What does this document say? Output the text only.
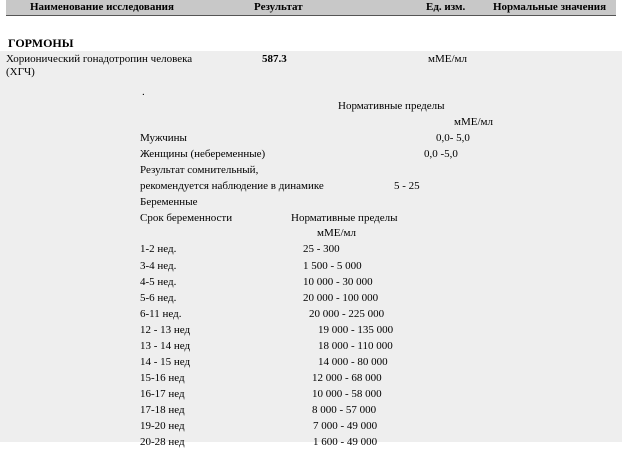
Наименование исследования	Результат	Ед. изм.	Нормальные значения
ГОРМОНЫ
Хорионический гонадотропин человека
(ХГЧ)
587.3	мМЕ/мл
.
Нормативные пределы
мМЕ/мл
Мужчины	0,0- 5,0
Женщины (небеременные)	0,0 -5,0
Результат сомнительный,
рекомендуется наблюдение в динамике	5 - 25
Беременные
Срок беременности	Нормативные пределы
мМЕ/мл
1-2 нед.	25 - 300
3-4 нед.	1 500 - 5 000
4-5 нед.	10 000 - 30 000
5-6 нед.	20 000 - 100 000
6-11 нед.	20 000 - 225 000
12 - 13 нед	19 000 - 135 000
13 - 14 нед	18 000 - 110 000
14 - 15 нед	14 000 - 80 000
15-16 нед	12 000 - 68 000
16-17 нед	10 000 - 58 000
17-18 нед	8 000 - 57 000
19-20 нед	7 000 - 49 000
20-28 нед	1 600 - 49 000
